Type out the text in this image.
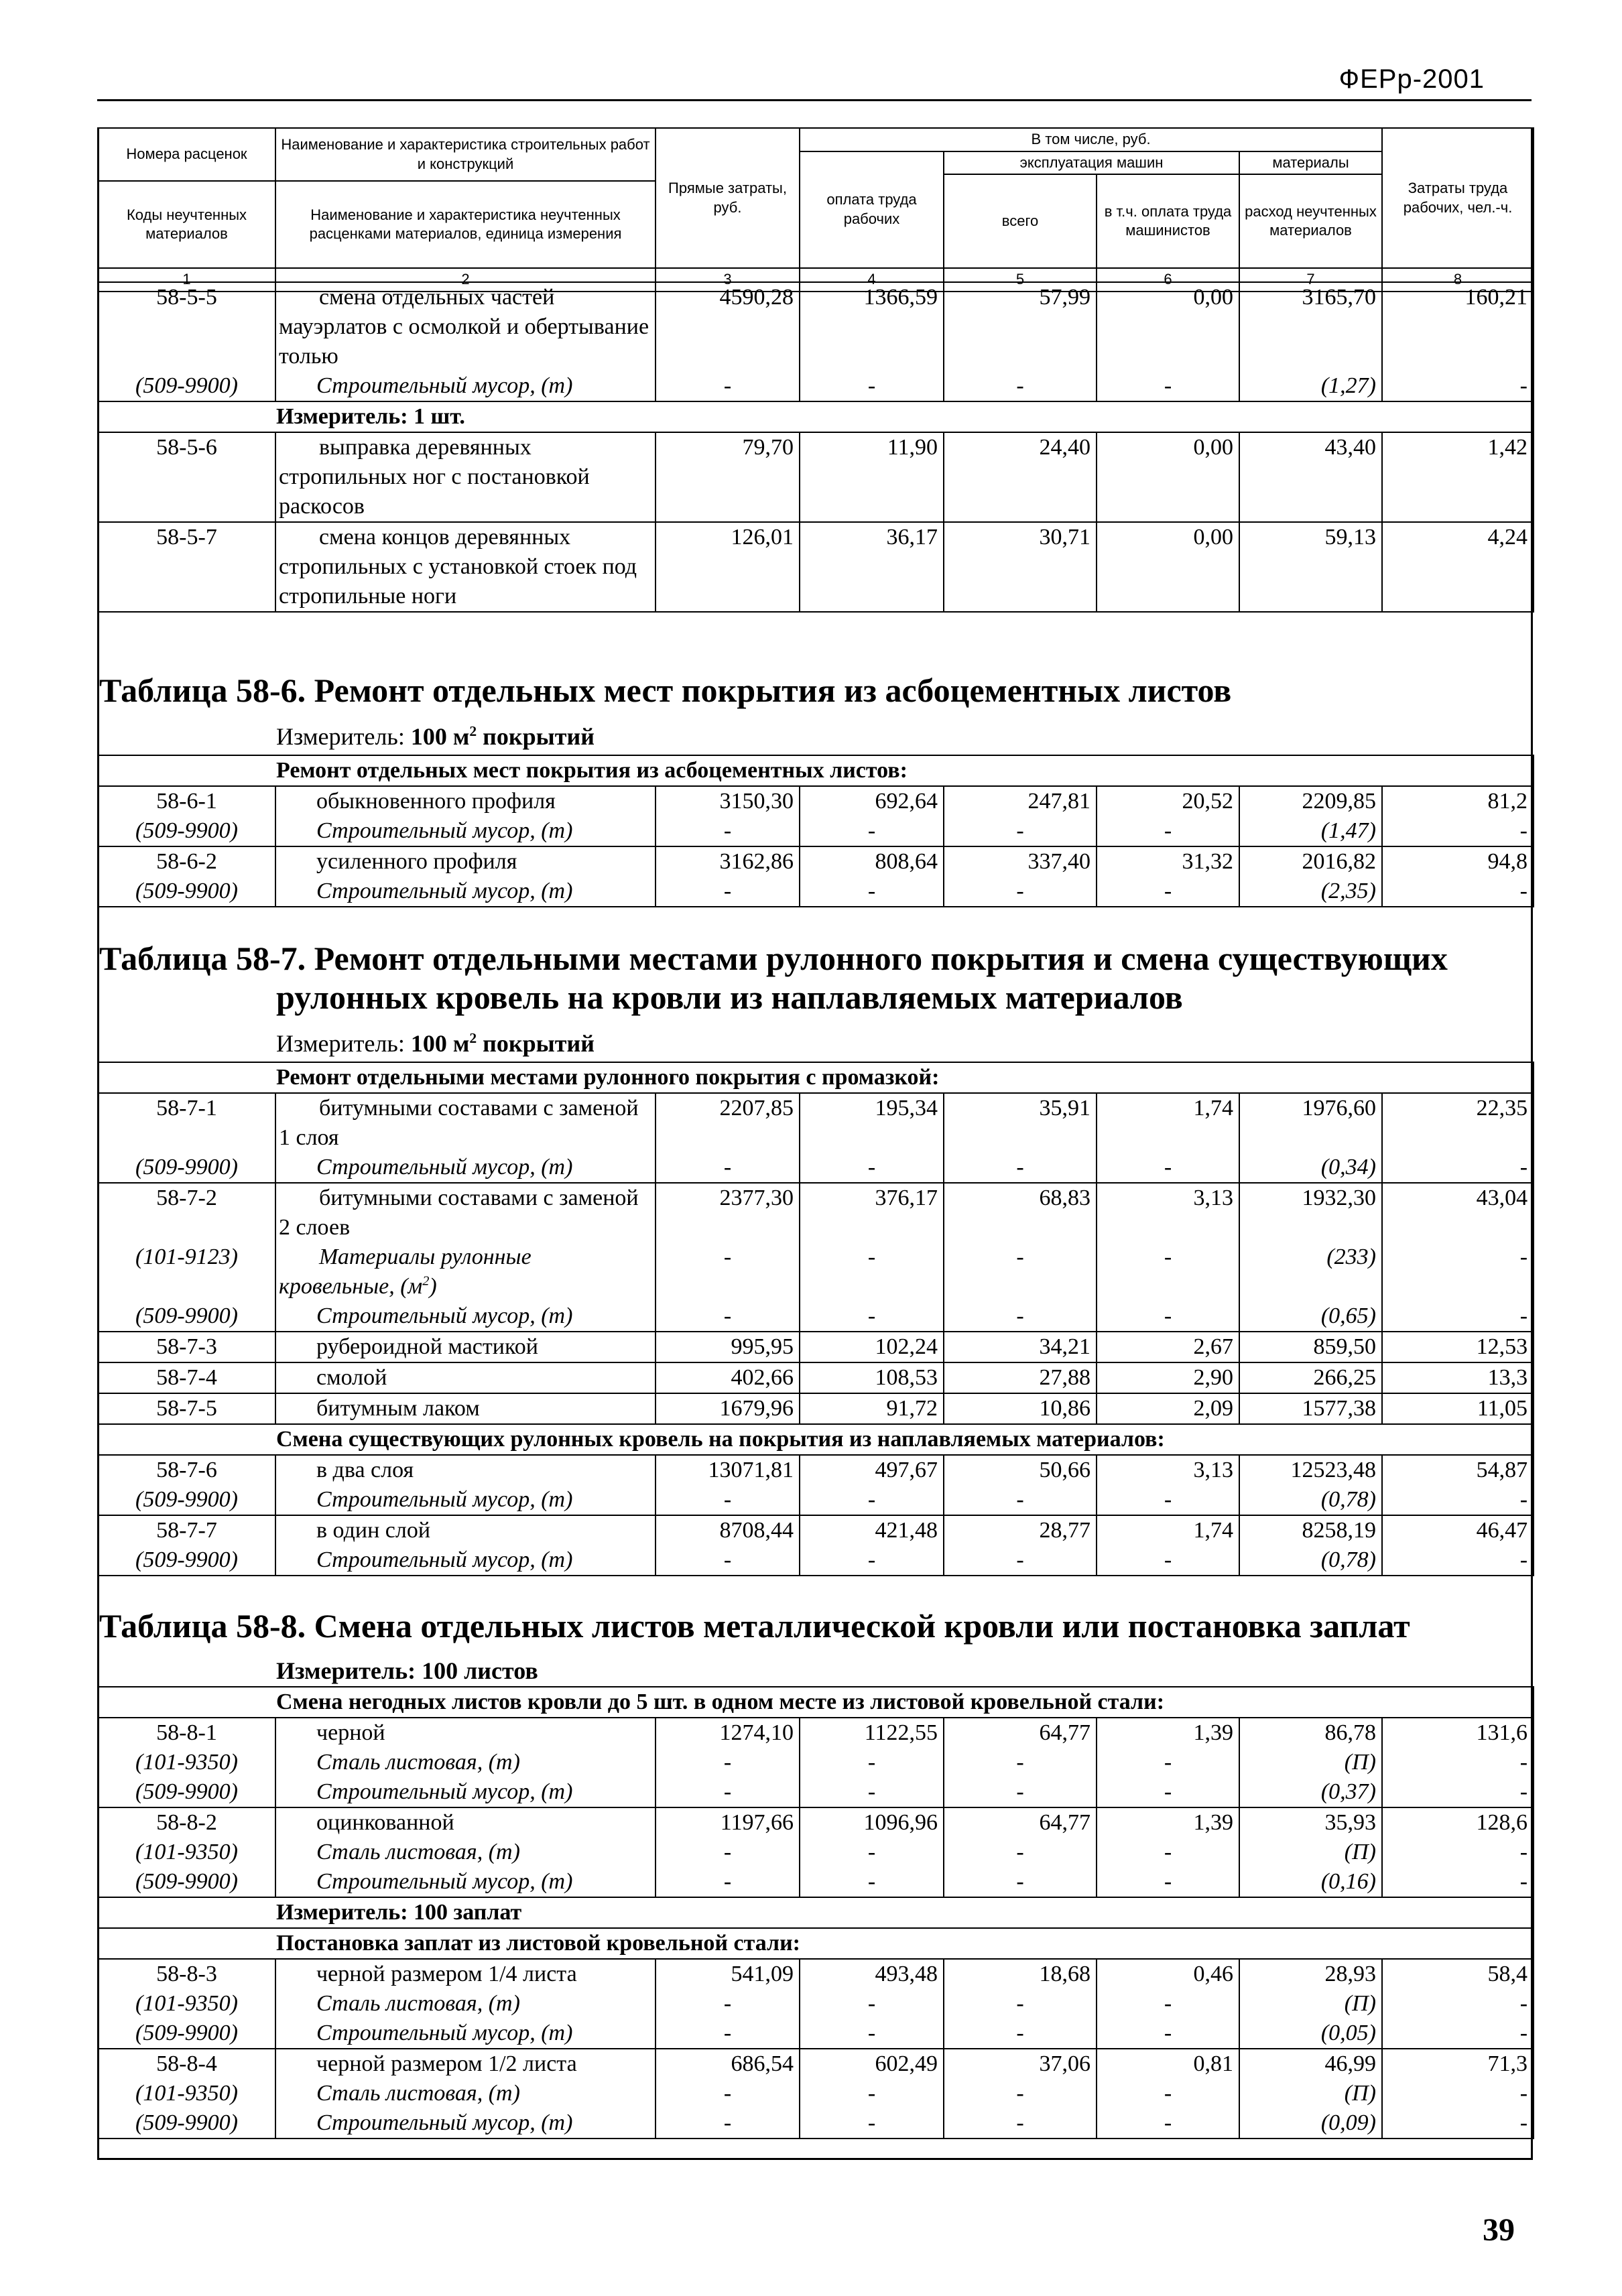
ФЕРр-2001
Номера расценок	Наименование и характеристика строительных работ и конструкций	Прямые затраты, руб.	В том числе, руб.				Затраты труда рабочих, чел.-ч.
			оплата труда рабочих	эксплуатация машин		материалы	
				всего	в т.ч. оплата труда машинистов	расход неучтенных материалов	
Коды неучтенных материалов	Наименование и характеристика неучтенных расценками материалов, единица измерения						
1	2	3	4	5	6	7	8
58-5-5	смена отдельных частей мауэрлатов с осмолкой и обертывание толью	4590,28	1366,59	57,99	0,00	3165,70	160,21
(509-9900)	Строительный мусор, (т)	-	-	-	-	(1,27)	-
Измеритель: 1 шт.							
58-5-6	выправка деревянных стропильных ног с постановкой раскосов	79,70	11,90	24,40	0,00	43,40	1,42
58-5-7	смена концов деревянных стропильных с установкой стоек под стропильные ноги	126,01	36,17	30,71	0,00	59,13	4,24
Таблица 58-6. Ремонт отдельных мест покрытия из асбоцементных листов
Измеритель: 100 $м^2$ покрытий
Ремонт отдельных мест покрытия из асбоцементных листов:							
58-6-1	обыкновенного профиля	3150,30	692,64	247,81	20,52	2209,85	81,2
(509-9900)	Строительный мусор, (т)	-	-	-	-	(1,47)	-
58-6-2	усиленного профиля	3162,86	808,64	337,40	31,32	2016,82	94,8
(509-9900)	Строительный мусор, (т)	-	-	-	-	(2,35)	-
Таблица 58-7. Ремонт отдельными местами рулонного покрытия и смена существующих
рулонных кровель на кровли из наплавляемых материалов
Измеритель: 100 $м^2$ покрытий
Ремонт отдельными местами рулонного покрытия с промазкой:							
58-7-1	битумными составами с заменой 1 слоя	2207,85	195,34	35,91	1,74	1976,60	22,35
(509-9900)	Строительный мусор, (т)	-	-	-	-	(0,34)	-
58-7-2	битумными составами с заменой 2 слоев	2377,30	376,17	68,83	3,13	1932,30	43,04
(101-9123)	Материалы рулонные кровельные, $(м^2)$	-	-	-	-	(233)	-
(509-9900)	Строительный мусор, (т)	-	-	-	-	(0,65)	-
58-7-3	рубероидной мастикой	995,95	102,24	34,21	2,67	859,50	12,53
58-7-4	смолой	402,66	108,53	27,88	2,90	266,25	13,3
58-7-5	битумным лаком	1679,96	91,72	10,86	2,09	1577,38	11,05
Смена существующих рулонных кровель на покрытия из наплавляемых материалов:							
58-7-6	в два слоя	13071,81	497,67	50,66	3,13	12523,48	54,87
(509-9900)	Строительный мусор, (т)	-	-	-	-	(0,78)	-
58-7-7	в один слой	8708,44	421,48	28,77	1,74	8258,19	46,47
(509-9900)	Строительный мусор, (т)	-	-	-	-	(0,78)	-
Таблица 58-8. Смена отдельных листов металлической кровли или постановка заплат
Измеритель: 100 листов
Смена негодных листов кровли до 5 шт. в одном месте из листовой кровельной стали:							
58-8-1	черной	1274,10	1122,55	64,77	1,39	86,78	131,6
(101-9350)	Сталь листовая, (т)	-	-	-	-	(П)	-
(509-9900)	Строительный мусор, (т)	-	-	-	-	(0,37)	-
58-8-2	оцинкованной	1197,66	1096,96	64,77	1,39	35,93	128,6
(101-9350)	Сталь листовая, (т)	-	-	-	-	(П)	-
(509-9900)	Строительный мусор, (т)	-	-	-	-	(0,16)	-
Измеритель: 100 заплат							
Постановка заплат из листовой кровельной стали:							
58-8-3	черной размером 1/4 листа	541,09	493,48	18,68	0,46	28,93	58,4
(101-9350)	Сталь листовая, (т)	-	-	-	-	(П)	-
(509-9900)	Строительный мусор, (т)	-	-	-	-	(0,05)	-
58-8-4	черной размером 1/2 листа	686,54	602,49	37,06	0,81	46,99	71,3
(101-9350)	Сталь листовая, (т)	-	-	-	-	(П)	-
(509-9900)	Строительный мусор, (т)	-	-	-	-	(0,09)	-
39
